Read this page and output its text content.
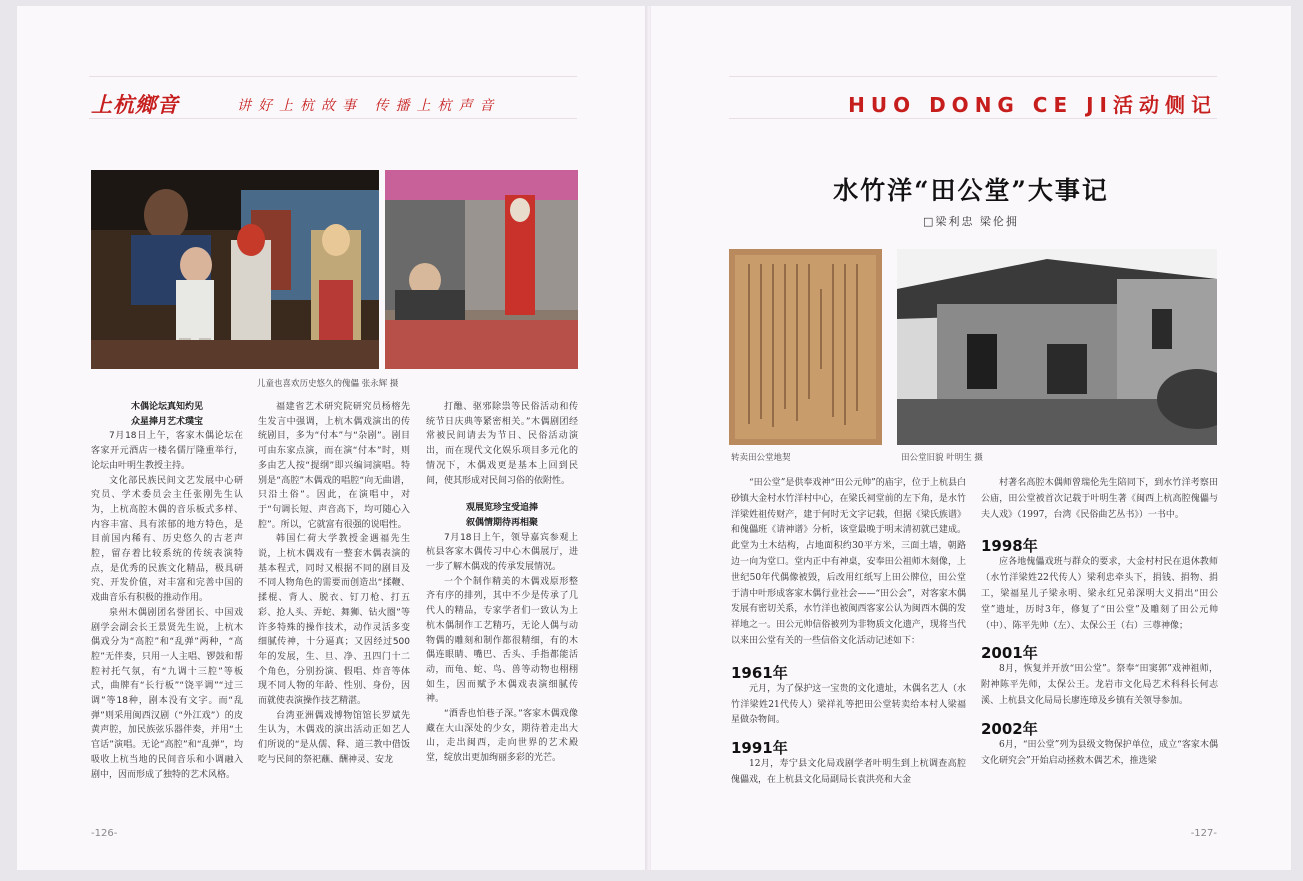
上杭鄉音	讲好上杭故事 传播上杭声音
儿童也喜欢历史悠久的傀儡 张永辉 摄
木偶论坛真知灼见
众星捧月艺术璞宝

7月18日上午，客家木偶论坛在客家开元酒店一楼名儒厅隆重举行，论坛由叶明生教授主持。

文化部民族民间文艺发展中心研究员、学术委员会主任张刚先生认为，上杭高腔木偶的音乐板式多样、内容丰富、具有浓郁的地方特色，是目前国内稀有、历史悠久的古老声腔，留存着比较系统的传统表演特点，是优秀的民族文化精品，极具研究、开发价值，对丰富和完善中国的戏曲音乐有积极的推动作用。

泉州木偶剧团名誉团长、中国戏剧学会副会长王景贤先生说，上杭木偶戏分为“高腔”和“乱弹”两种，“高腔”无伴奏，只用一人主唱、锣鼓和帮腔衬托气氛，有“九调十三腔”等板式，曲牌有“长行板”“饶平调”“过三调”等18种，剧本没有文字。而“乱弹”则采用闽西汉剧（“外江戏”）的皮黄声腔，加民族弦乐器伴奏，并用“土官话”演唱。无论“高腔”和“乱弹”，均吸收上杭当地的民间音乐和小调融入剧中，因而形成了独特的艺术风格。

福建省艺术研究院研究员杨榕先生发言中强调，上杭木偶戏演出的传统剧目，多为“付本”与“杂剧”。剧目可由东家点演，而在演“付本”时，则多由艺人按“提纲”即兴编词演唱。特别是“高腔”木偶戏的唱腔“向无曲谱，只沿土俗”。因此，在演唱中，对于“句调长短、声音高下，均可随心入腔”。所以，它就富有很强的说唱性。

韩国仁荷大学教授金遇福先生说，上杭木偶戏有一整套木偶表演的基本程式，同时又根据不同的剧目及不同人物角色的需要而创造出“揉鞭、揉棍、背人、脱衣、钉刀枪、打五彩、抢人头、弄蛇、舞狮、钻火圈”等许多特殊的操作技术，动作灵活多变细腻传神，十分逼真；又因经过500年的发展，生、旦、净、丑四门十二个角色，分别扮演、假唱、炸音等体现不同人物的年龄、性别、身份，因而就使表演操作技艺精湛。

台湾亚洲偶戏博物馆馆长罗斌先生认为，木偶戏的演出活动正如艺人们所说的“是从儒、释、道三教中借饭吃与民间的祭祀蘸、酬神灵、安龙

打醮、驱邪除祟等民俗活动和传统节日庆典等紧密相关。”木偶剧团经常被民间请去为节日、民俗活动演出，而在现代文化娱乐项目多元化的情况下，木偶戏更是基本上回到民间，使其形成对民间习俗的依附性。

观展览珍宝受追捧
叙偶情期待再相聚

7月18日上午，领导嘉宾参观上杭县客家木偶传习中心木偶展厅，进一步了解木偶戏的传承发展情况。

一个个制作精美的木偶戏原形整齐有序的排列，其中不少是传承了几代人的精品，专家学者们一致认为上杭木偶制作工艺精巧，无论人偶与动物偶的雕刻和制作都很精细，有的木偶连眼睛、嘴巴、舌头、手指都能活动，而龟、蛇、鸟、兽等动物也栩栩如生，因而赋予木偶戏表演细腻传神。

“酒香也怕巷子深。”客家木偶戏像藏在大山深处的少女，期待着走出大山，走出闽西，走向世界的艺术殿堂，绽放出更加绚丽多彩的光芒。

-126-
HUO DONG CE JI活动侧记
水竹洋“田公堂”大事记
□梁利忠 梁伦拥
转卖田公堂地契	田公堂旧貌 叶明生 摄

“田公堂”是供奉戏神“田公元帅”的庙宇，位于上杭县白砂镇大金村水竹洋村中心，在梁氏祠堂前的左下角，是水竹洋梁姓祖传财产，建于何时无文字记载，但据《梁氏族谱》和傀儡班《请神谱》分析，该堂最晚于明末清初就已建成。此堂为土木结构，占地面积约30平方米，三面土墙，朝路边一向为堂口。堂内正中有神桌，安奉田公祖师木刻像，上世纪50年代偶像被毁，后改用红纸写上田公牌位，田公堂于清中叶形成客家木偶行业社会——“田公会”，对客家木偶发展有密切关系，水竹洋也被闽西客家公认为闽西木偶的发祥地之一。田公元帅信俗被列为非物质文化遗产，现将当代以来田公堂有关的一些信俗文化活动记述如下：

1961年

元月，为了保护这一宝贵的文化遗址，木偶名艺人（水竹洋梁姓21代传人）梁祥礼等把田公堂转卖给本村人梁福星做杂物间。

1991年

12月，寿宁县文化局戏剧学者叶明生到上杭调查高腔傀儡戏，在上杭县文化局副局长袁洪亮和大金

村著名高腔木偶师曾瑞伦先生陪同下，到水竹洋考察田公庙，田公堂被首次记载于叶明生著《闽西上杭高腔傀儡与夫人戏》（1997，台湾《民俗曲艺丛书》）一书中。

1998年

应各地傀儡戏班与群众的要求，大金村村民在退休教师（水竹洋梁姓22代传人）梁利忠牵头下，捐钱、捐物、捐工，梁福星儿子梁永明、梁永红兄弟深明大义捐出“田公堂”遗址，历时3年，修复了“田公堂”及雕刻了田公元帅（中）、陈平先帅（左）、太保公王（右）三尊神像；

2001年

8月，恢复并开放“田公堂”。祭奉“田窦郭”戏神祖师，附神陈平先师，太保公王。龙岩市文化局艺术科科长何志溪、上杭县文化局局长廖连璋及乡镇有关领导参加。

2002年

6月，“田公堂”列为县级文物保护单位，成立“客家木偶文化研究会”开始启动拯救木偶艺术，推选梁

-127-
